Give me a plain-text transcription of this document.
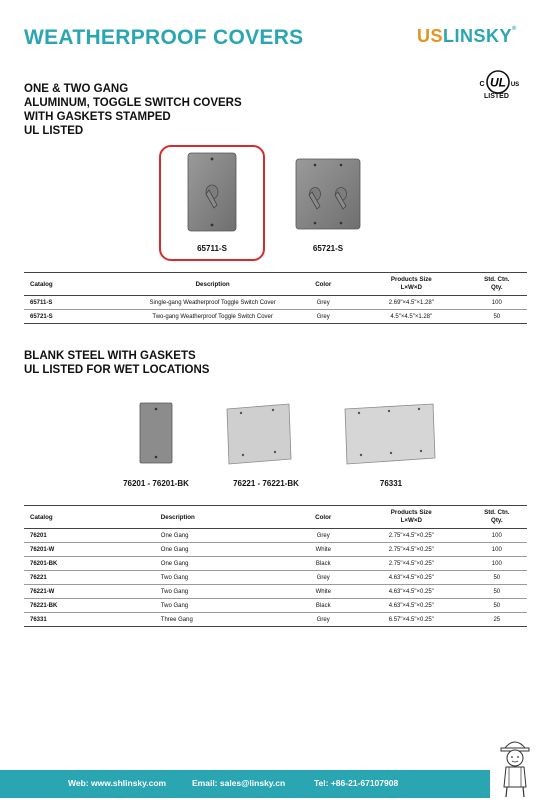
WEATHERPROOF COVERS	USLINSKY®
UL
C	US
LISTED
ONE & TWO GANG
ALUMINUM, TOGGLE SWITCH COVERS
WITH GASKETS STAMPED
UL LISTED
65711-S	65721-S
Catalog	Description	Color	Products Size
L×W×D	Std. Ctn.
Qty.
65711-S	Single-gang Weatherproof Toggle Switch Cover	Grey	2.69"×4.5"×1.28"	100
65721-S	Two-gang Weatherproof Toggle Switch Cover	Grey	4.5"×4.5"×1.28"	50
BLANK STEEL WITH GASKETS
UL LISTED FOR WET LOCATIONS
76201 - 76201-BK	76221 - 76221-BK	76331
Catalog	Description	Color	Products Size
L×W×D	Std. Ctn.
Qty.
76201	One Gang	Grey	2.75"×4.5"×0.25"	100
76201-W	One Gang	White	2.75"×4.5"×0.25"	100
76201-BK	One Gang	Black	2.75"×4.5"×0.25"	100
76221	Two Gang	Grey	4.63"×4.5"×0.25"	50
76221-W	Two Gang	White	4.63"×4.5"×0.25"	50
76221-BK	Two Gang	Black	4.63"×4.5"×0.25"	50
76331	Three Gang	Grey	6.57"×4.5"×0.25"	25
Web: www.shlinsky.com	Email: sales@linsky.cn	Tel: +86-21-67107908
